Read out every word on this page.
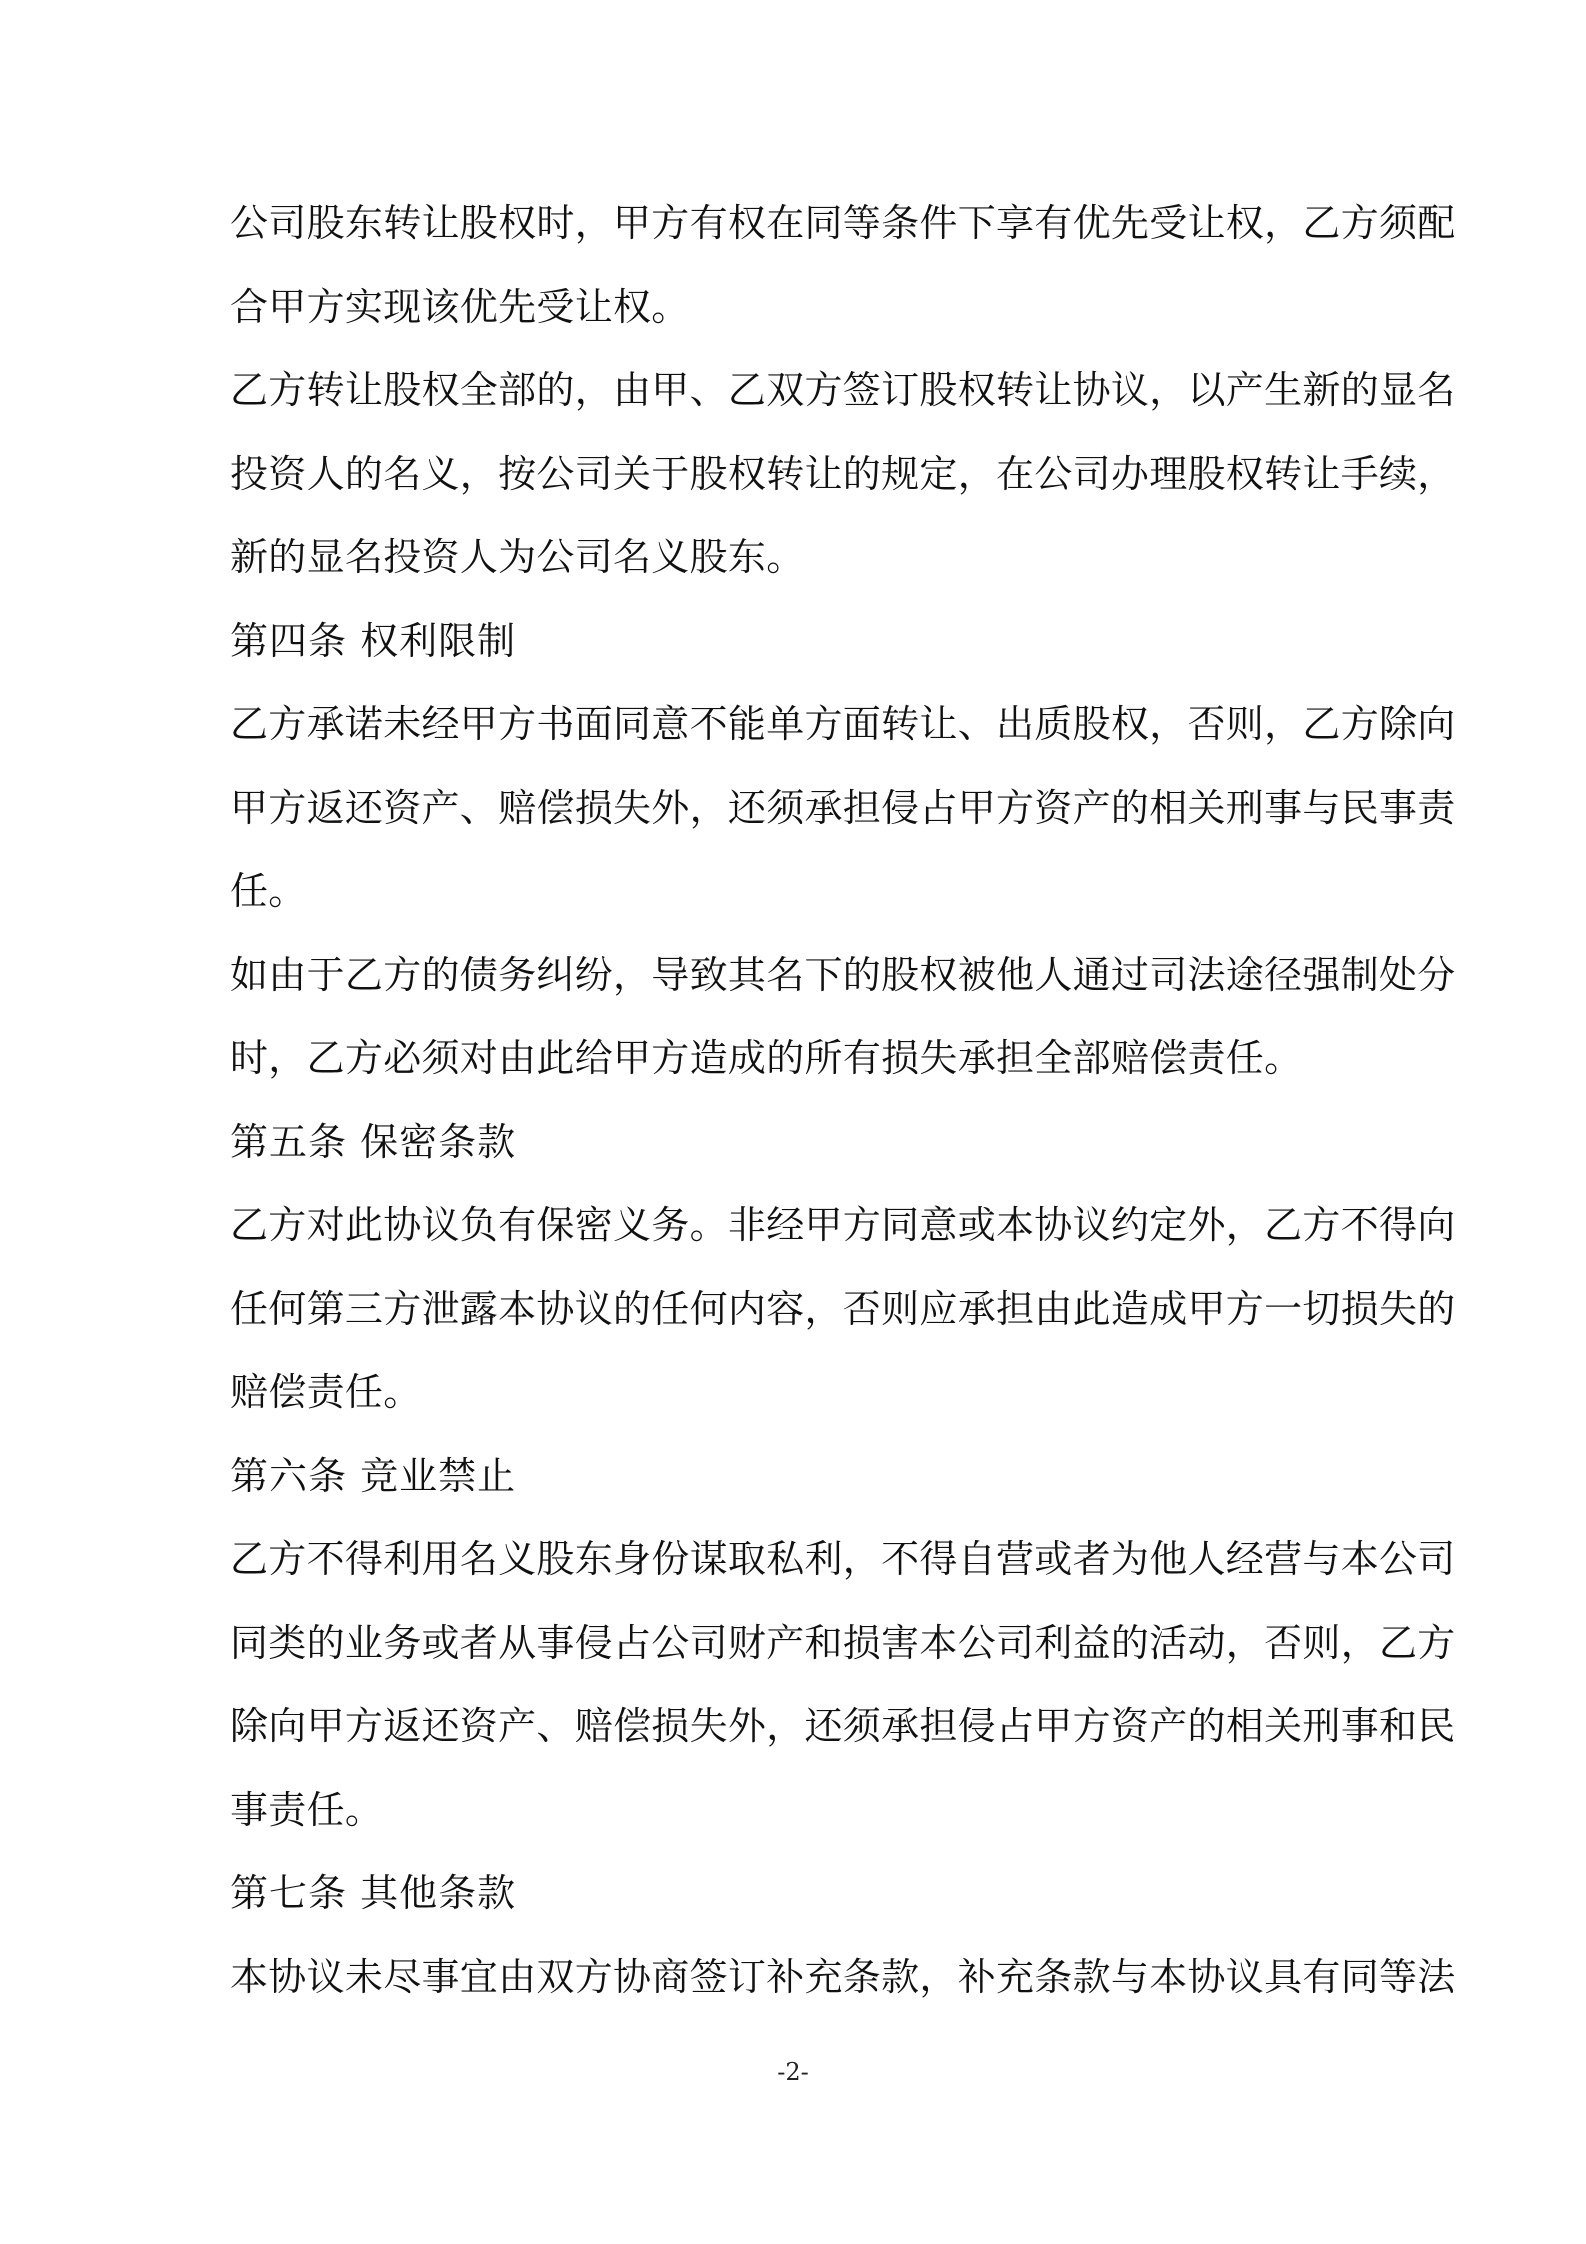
公司股东转让股权时，甲方有权在同等条件下享有优先受让权，乙方须配
合甲方实现该优先受让权。
乙方转让股权全部的，由甲、乙双方签订股权转让协议，以产生新的显名
投资人的名义，按公司关于股权转让的规定，在公司办理股权转让手续，
新的显名投资人为公司名义股东。
第四条 权利限制
乙方承诺未经甲方书面同意不能单方面转让、出质股权，否则，乙方除向
甲方返还资产、赔偿损失外，还须承担侵占甲方资产的相关刑事与民事责
任。
如由于乙方的债务纠纷，导致其名下的股权被他人通过司法途径强制处分
时，乙方必须对由此给甲方造成的所有损失承担全部赔偿责任。
第五条 保密条款
乙方对此协议负有保密义务。非经甲方同意或本协议约定外，乙方不得向
任何第三方泄露本协议的任何内容，否则应承担由此造成甲方一切损失的
赔偿责任。
第六条 竞业禁止
乙方不得利用名义股东身份谋取私利，不得自营或者为他人经营与本公司
同类的业务或者从事侵占公司财产和损害本公司利益的活动，否则，乙方
除向甲方返还资产、赔偿损失外，还须承担侵占甲方资产的相关刑事和民
事责任。
第七条 其他条款
本协议未尽事宜由双方协商签订补充条款，补充条款与本协议具有同等法
-2-
